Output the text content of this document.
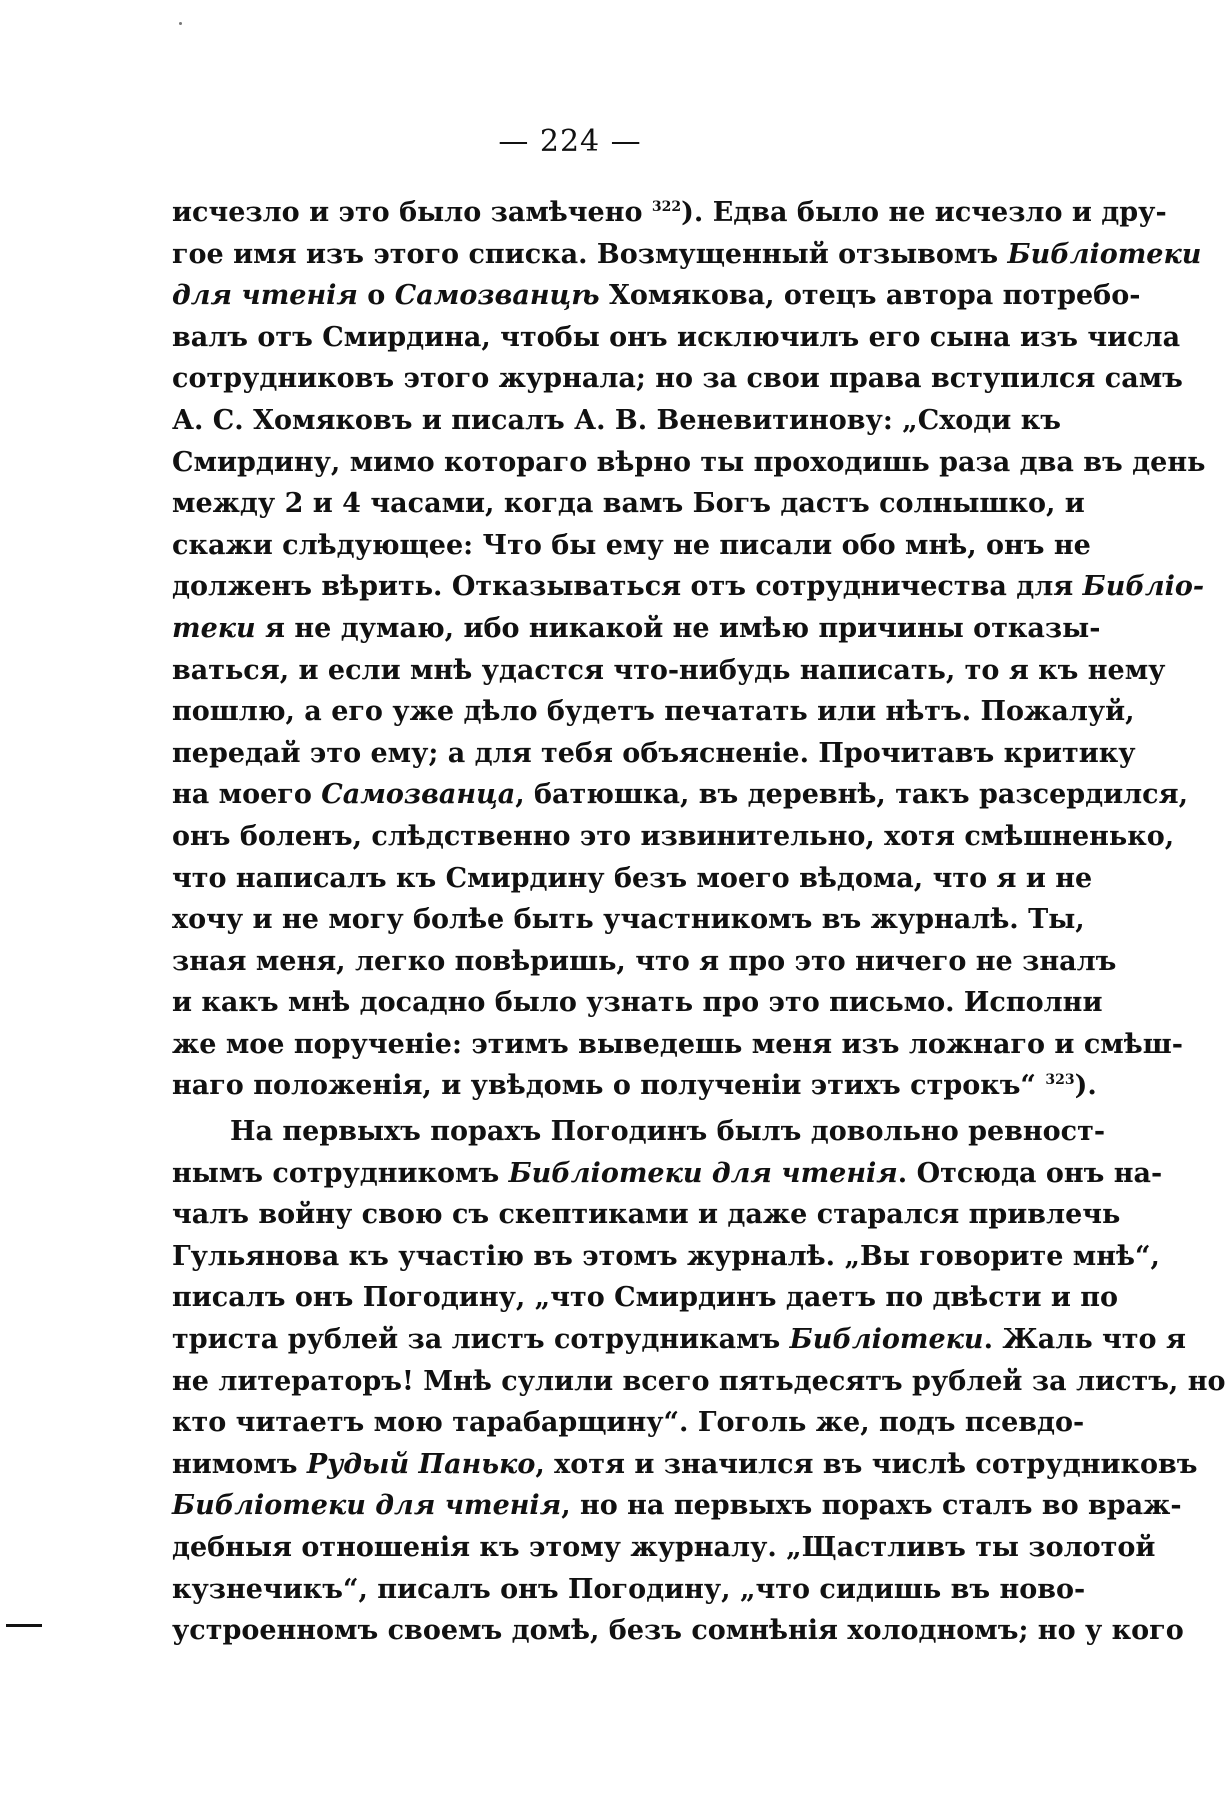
— 224 —
исчезло и это было замѣчено $^{322}$). Едва было не исчезло и дру-
гое имя изъ этого списка. Возмущенный отзывомъ Библіотеки
для чтенія о Самозванцѣ Хомякова, отецъ автора потребо-
валъ отъ Смирдина, чтобы онъ исключилъ его сына изъ числа
сотрудниковъ этого журнала; но за свои права вступился самъ
А. С. Хомяковъ и писалъ А. В. Веневитинову: „Сходи къ
Смирдину, мимо котораго вѣрно ты проходишь раза два въ день
между 2 и 4 часами, когда вамъ Богъ дастъ солнышко, и
скажи слѣдующее: Что бы ему не писали обо мнѣ, онъ не
долженъ вѣрить. Отказываться отъ сотрудничества для Библіо-
теки я не думаю, ибо никакой не имѣю причины отказы-
ваться, и если мнѣ удастся что-нибудь написать, то я къ нему
пошлю, а его уже дѣло будетъ печатать или нѣтъ. Пожалуй,
передай это ему; а для тебя объясненіе. Прочитавъ критику
на моего Самозванца, батюшка, въ деревнѣ, такъ разсердился,
онъ боленъ, слѣдственно это извинительно, хотя смѣшненько,
что написалъ къ Смирдину безъ моего вѣдома, что я и не
хочу и не могу болѣе быть участникомъ въ журналѣ. Ты,
зная меня, легко повѣришь, что я про это ничего не зналъ
и какъ мнѣ досадно было узнать про это письмо. Исполни
же мое порученіе: этимъ выведешь меня изъ ложнаго и смѣш-
наго положенія, и увѣдомь о полученіи этихъ строкъ“ $^{323}$).
На первыхъ порахъ Погодинъ былъ довольно ревност-
нымъ сотрудникомъ Библіотеки для чтенія. Отсюда онъ на-
чалъ войну свою съ скептиками и даже старался привлечь
Гульянова къ участію въ этомъ журналѣ. „Вы говорите мнѣ“,
писалъ онъ Погодину, „что Смирдинъ даетъ по двѣсти и по
триста рублей за листъ сотрудникамъ Библіотеки. Жаль что я
не литераторъ! Мнѣ сулили всего пятьдесятъ рублей за листъ, но
кто читаетъ мою тарабарщину“. Гоголь же, подъ псевдо-
нимомъ Рудый Панько, хотя и значился въ числѣ сотрудниковъ
Библіотеки для чтенія, но на первыхъ порахъ сталъ во враж-
дебныя отношенія къ этому журналу. „Щастливъ ты золотой
кузнечикъ“, писалъ онъ Погодину, „что сидишь въ ново-
устроенномъ своемъ домѣ, безъ сомнѣнія холодномъ; но у кого
